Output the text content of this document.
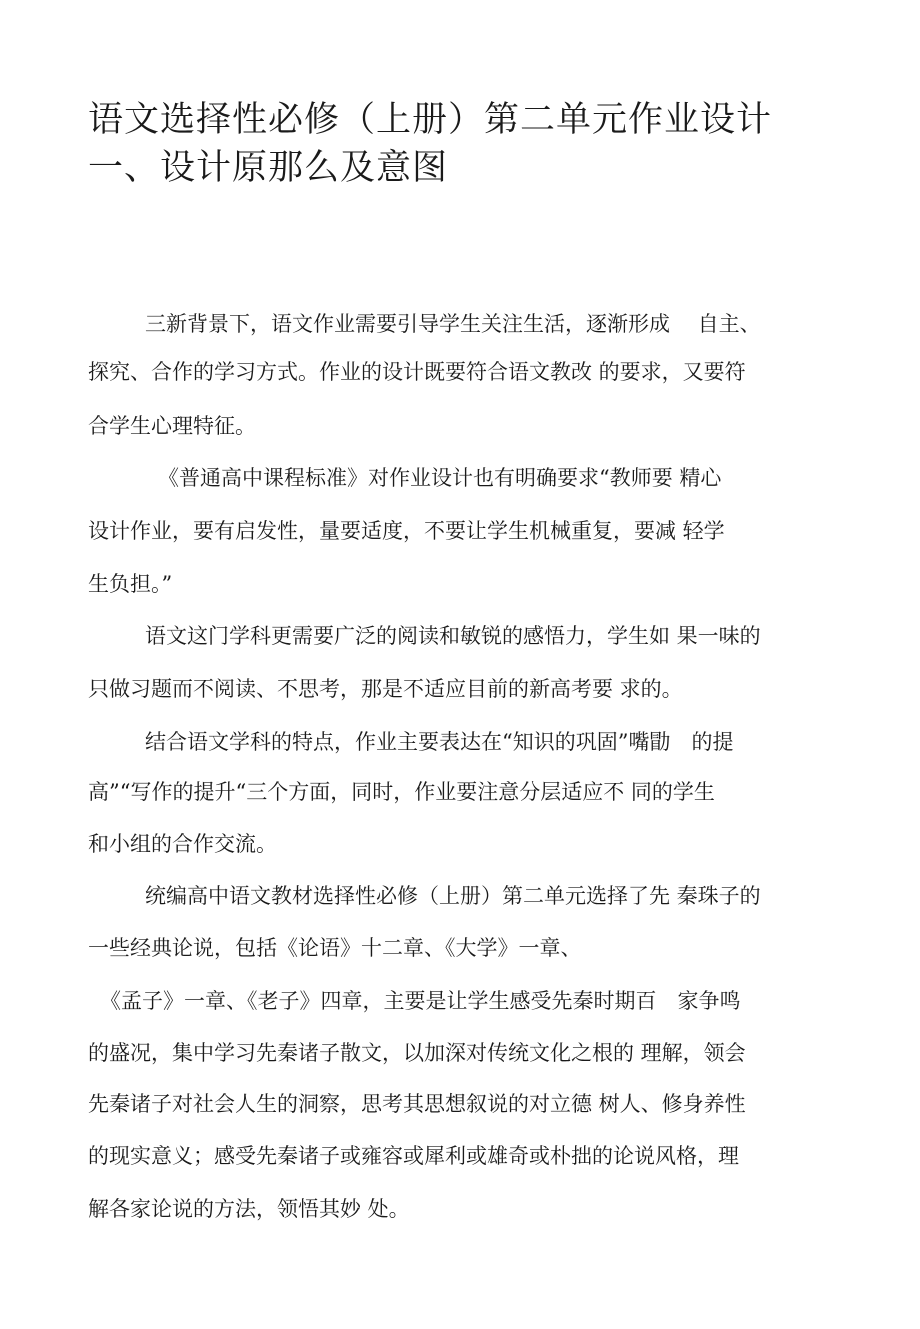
语文选择性必修（上册）第二单元作业设计
一、设计原那么及意图
三新背景下，语文作业需要引导学生关注生活，逐渐形成　 自主、
探究、合作的学习方式。作业的设计既要符合语文教改 的要求，又要符
合学生心理特征。
《普通高中课程标准》对作业设计也有明确要求“教师要 精心
设计作业，要有启发性，量要适度，不要让学生机械重复，要减 轻学
生负担。”
语文这门学科更需要广泛的阅读和敏锐的感悟力，学生如 果一味的
只做习题而不阅读、不思考，那是不适应目前的新高考要 求的。
结合语文学科的特点，作业主要表达在“知识的巩固”嘴勖　的提
高”“写作的提升“三个方面，同时，作业要注意分层适应不 同的学生
和小组的合作交流。
统编高中语文教材选择性必修（上册）第二单元选择了先 秦珠子的
一些经典论说，包括《论语》十二章、《大学》一章、
《孟子》一章、《老子》四章，主要是让学生感受先秦时期百　家争鸣
的盛况，集中学习先秦诸子散文，以加深对传统文化之根的 理解，领会
先秦诸子对社会人生的洞察，思考其思想叙说的对立德 树人、修身养性
的现实意义；感受先秦诸子或雍容或犀利或雄奇或朴拙的论说风格，理
解各家论说的方法，领悟其妙 处。
